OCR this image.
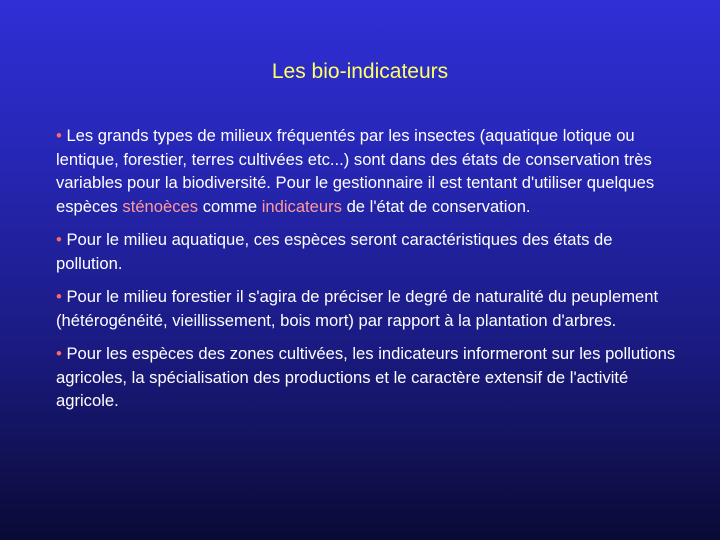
Les bio-indicateurs

• Les grands types de milieux fréquentés par les insectes (aquatique lotique ou lentique, forestier, terres cultivées etc...) sont dans des états de conservation très variables pour la biodiversité. Pour le gestionnaire il est tentant d'utiliser quelques espèces sténoèces comme indicateurs de l'état de conservation.

• Pour le milieu aquatique, ces espèces seront caractéristiques des états de pollution.

• Pour le milieu forestier il s'agira de préciser le degré de naturalité du peuplement (hétérogénéité, vieillissement, bois mort) par rapport à la plantation d'arbres.

• Pour les espèces des zones cultivées, les indicateurs informeront sur les pollutions agricoles, la spécialisation des productions et le caractère extensif de l'activité agricole.
